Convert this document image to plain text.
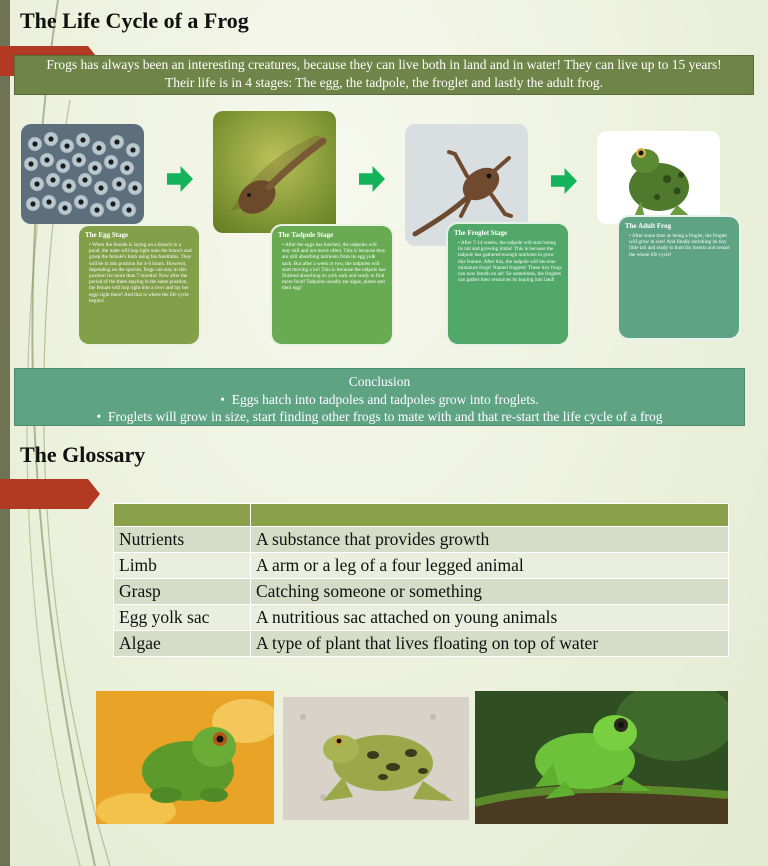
The Life Cycle of a Frog

Frogs has always been an interesting creatures, because they can live both in land and in water! They can live up to 15 years!

Their life is in 4 stages: The egg, the tadpole, the froglet and lastly the adult frog.

The Egg Stage

• When the female is laying on a branch in a pond, the male will hop right onto the branch and grasp the female's limb using his forelimbs. They will be in this position for 4-6 hours. However, depending on the species, frogs can stay in this position for more than 7 months! Now after the period of the them staying in the same position, the female will hop right into a river and lay her eggs right there! And that is where the life cycle begins!

The Tadpole Stage

• After the eggs has hatched, the tadpoles will stay still and not move often. This is because they are still absorbing nutrients from its egg yolk sack. But after a week or two, the tadpoles will start moving a lot! This is because the tadpole has finished absorbing its yolk sack and ready to find more food! Tadpoles usually eat algae, plants and their egg!

The Froglet Stage

• After 7-14 weeks, the tadpole will start losing its tail and growing limbs! This is because the tadpole has gathered enough nutrients to grow this feature. After this, the tadpole will become miniature frogs! Named froglets! These tiny frogs can now breath on air! So sometimes, the froglets can gather their resources by hoping into land!

The Adult Frog

• After some time as being a froglet, the froglet will grow in size! And finally shrinking its tiny little tail and ready to hunt for insects and restart the whole life cycle!

Conclusion
•  Eggs hatch into tadpoles and tadpoles grow into froglets.
•  Froglets will grow in size, start finding other frogs to mate with and that re-start the life cycle of a frog
The Glossary

Nutrients	A substance that provides growth
Limb	A arm or a leg of a four legged animal
Grasp	Catching someone or something
Egg yolk sac	A nutritious sac attached on young animals
Algae	A type of plant that lives floating on top of water
